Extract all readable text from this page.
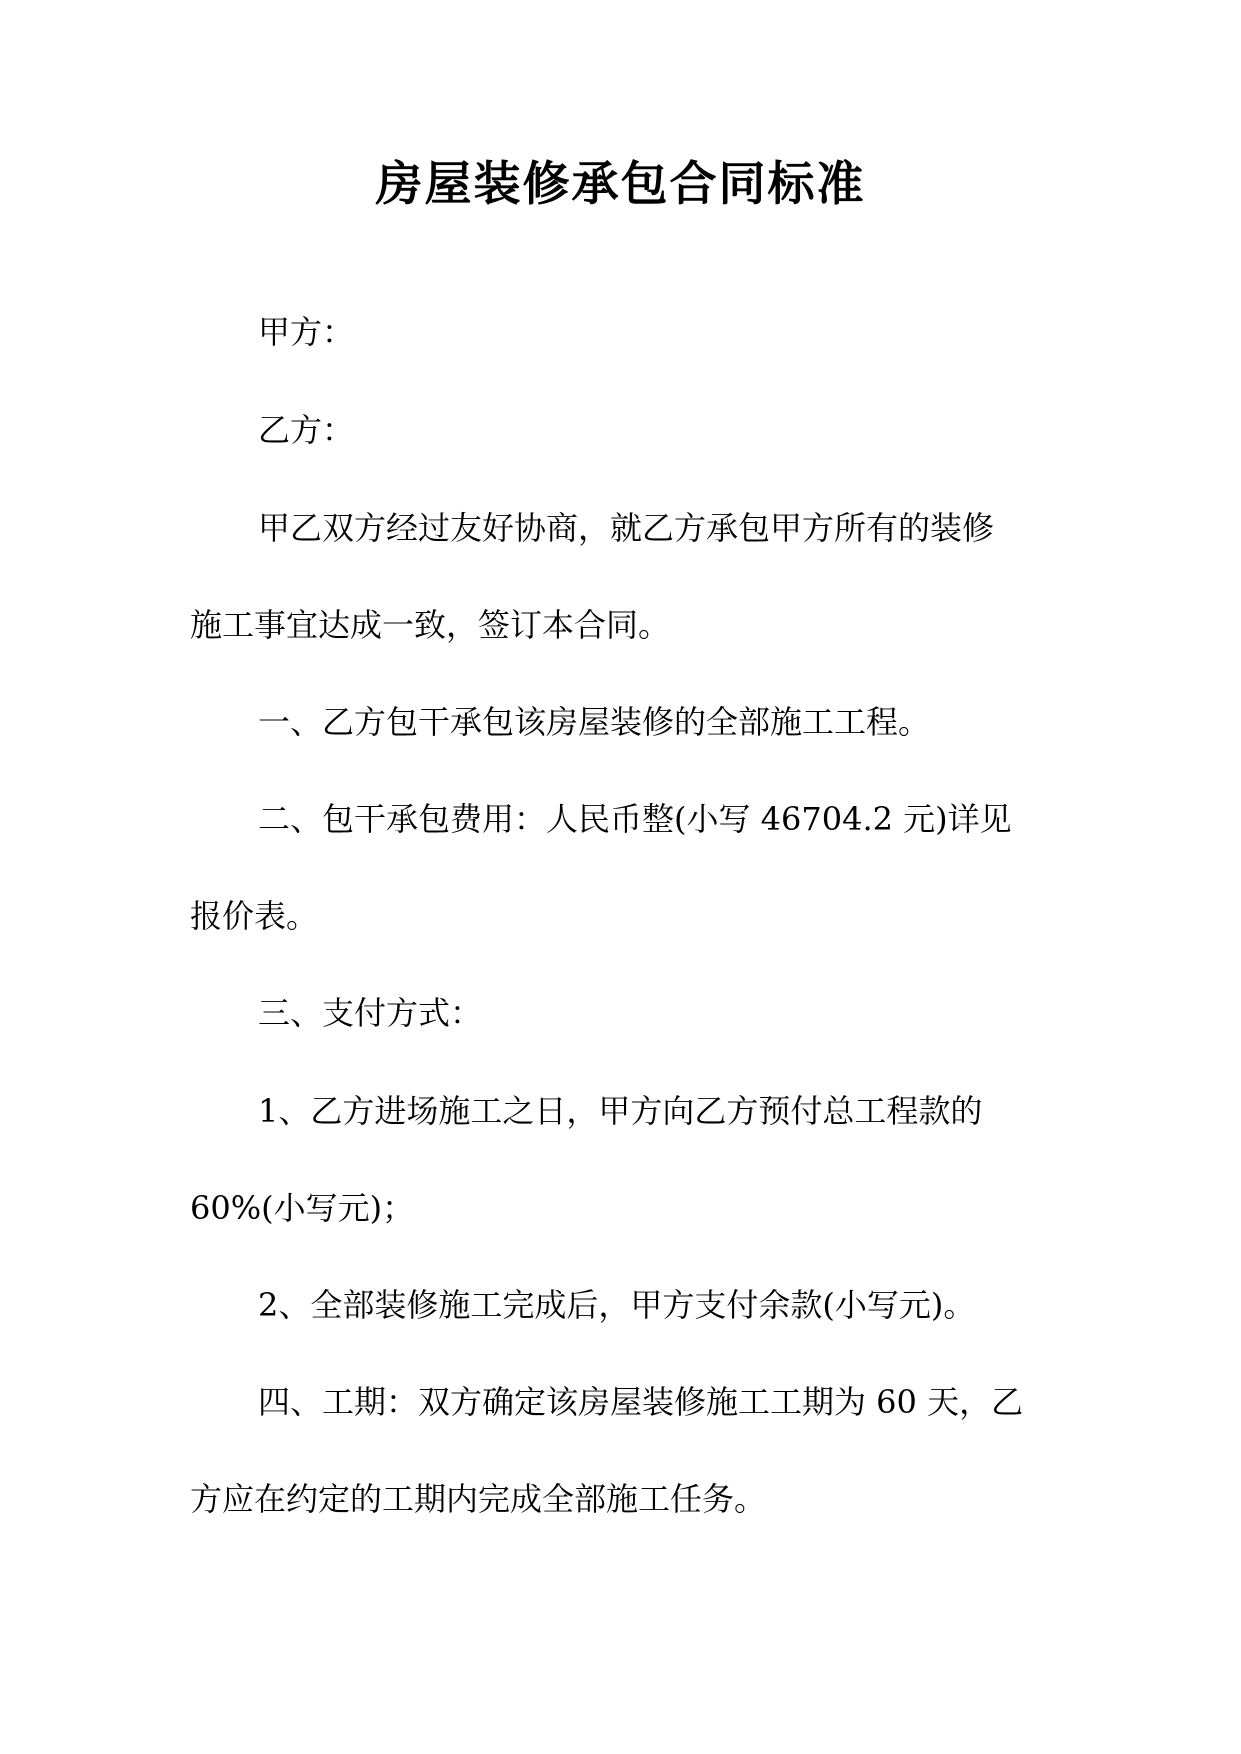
房屋装修承包合同标准

甲方：

乙方：

甲乙双方经过友好协商，就乙方承包甲方所有的装修

施工事宜达成一致，签订本合同。

一、乙方包干承包该房屋装修的全部施工工程。

二、包干承包费用：人民币整(小写 46704.2 元)详见

报价表。

三、支付方式：

1、乙方进场施工之日，甲方向乙方预付总工程款的

60%(小写元)；

2、全部装修施工完成后，甲方支付余款(小写元)。

四、工期：双方确定该房屋装修施工工期为 60 天，乙

方应在约定的工期内完成全部施工任务。
